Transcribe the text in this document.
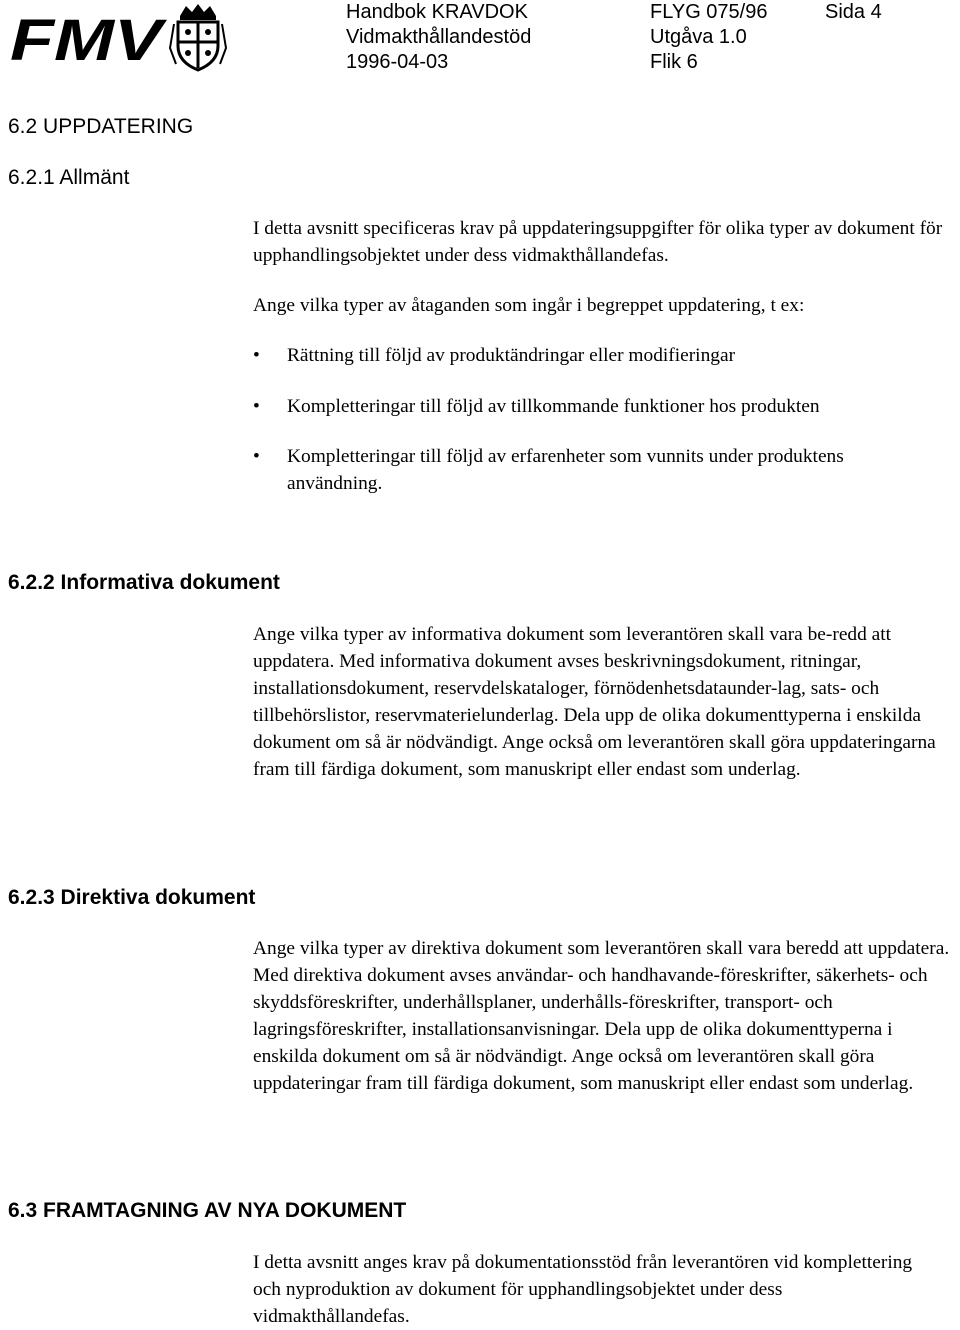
FMV	Handbok KRAVDOK
Vidmakthållandestöd
1996-04-03
FLYG 075/96
Utgåva 1.0
Flik 6
Sida 4
6.2 UPPDATERING
6.2.1 Allmänt

I detta avsnitt specificeras krav på uppdateringsuppgifter för olika typer av dokument för upphandlingsobjektet under dess vidmakthållandefas.

Ange vilka typer av åtaganden som ingår i begreppet uppdatering, t ex:

• Rättning till följd av produktändringar eller modifieringar
• Kompletteringar till följd av tillkommande funktioner hos produkten
• Kompletteringar till följd av erfarenheter som vunnits under produktens användning.
6.2.2 Informativa dokument

Ange vilka typer av informativa dokument som leverantören skall vara be-redd att uppdatera. Med informativa dokument avses beskrivningsdokument, ritningar, installationsdokument, reservdelskataloger, förnödenhetsdataunder-lag, sats- och tillbehörslistor, reservmaterielunderlag. Dela upp de olika dokumenttyperna i enskilda dokument om så är nödvändigt. Ange också om leverantören skall göra uppdateringarna fram till färdiga dokument, som manuskript eller endast som underlag.

6.2.3 Direktiva dokument

Ange vilka typer av direktiva dokument som leverantören skall vara beredd att uppdatera. Med direktiva dokument avses användar- och handhavande-föreskrifter, säkerhets- och skyddsföreskrifter, underhållsplaner, underhålls-föreskrifter, transport- och lagringsföreskrifter, installationsanvisningar. Dela upp de olika dokumenttyperna i enskilda dokument om så är nödvändigt. Ange också om leverantören skall göra uppdateringar fram till färdiga dokument, som manuskript eller endast som underlag.

6.3 FRAMTAGNING AV NYA DOKUMENT

I detta avsnitt anges krav på dokumentationsstöd från leverantören vid komplettering och nyproduktion av dokument för upphandlingsobjektet under dess vidmakthållandefas.
